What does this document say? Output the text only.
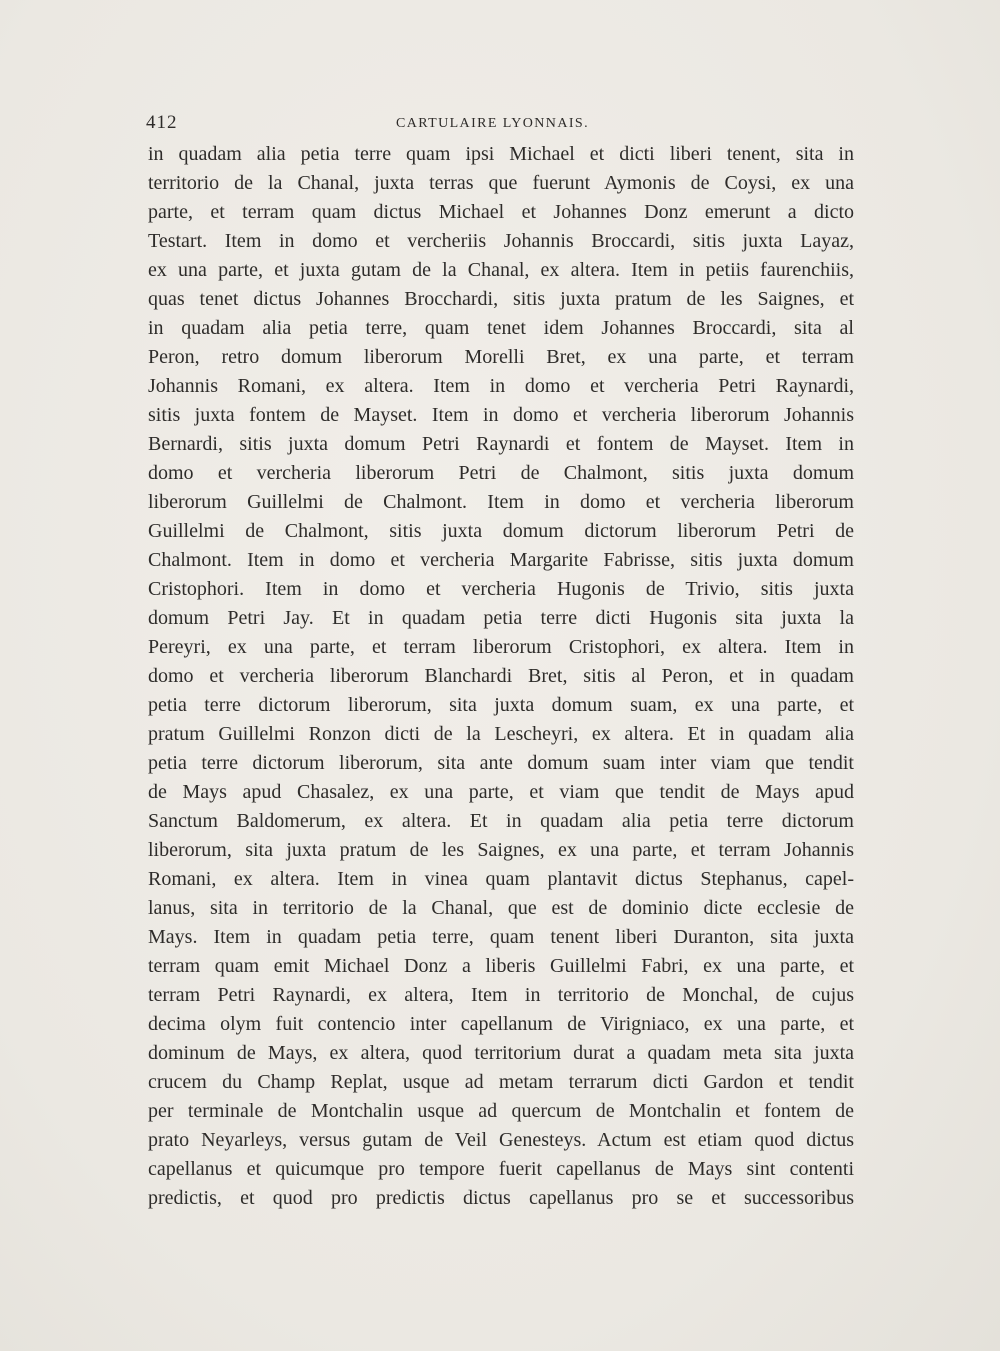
412	CARTULAIRE LYONNAIS.
in quadam alia petia terre quam ipsi Michael et dicti liberi tenent, sita in
territorio de la Chanal, juxta terras que fuerunt Aymonis de Coysi, ex una
parte, et terram quam dictus Michael et Johannes Donz emerunt a dicto
Testart. Item in domo et vercheriis Johannis Broccardi, sitis juxta Layaz,
ex una parte, et juxta gutam de la Chanal, ex altera. Item in petiis faurenchiis,
quas tenet dictus Johannes Brocchardi, sitis juxta pratum de les Saignes, et
in quadam alia petia terre, quam tenet idem Johannes Broccardi, sita al
Peron, retro domum liberorum Morelli Bret, ex una parte, et terram
Johannis Romani, ex altera. Item in domo et vercheria Petri Raynardi,
sitis juxta fontem de Mayset. Item in domo et vercheria liberorum Johannis
Bernardi, sitis juxta domum Petri Raynardi et fontem de Mayset. Item in
domo et vercheria liberorum Petri de Chalmont, sitis juxta domum
liberorum Guillelmi de Chalmont. Item in domo et vercheria liberorum
Guillelmi de Chalmont, sitis juxta domum dictorum liberorum Petri de
Chalmont. Item in domo et vercheria Margarite Fabrisse, sitis juxta domum
Cristophori. Item in domo et vercheria Hugonis de Trivio, sitis juxta
domum Petri Jay. Et in quadam petia terre dicti Hugonis sita juxta la
Pereyri, ex una parte, et terram liberorum Cristophori, ex altera. Item in
domo et vercheria liberorum Blanchardi Bret, sitis al Peron, et in quadam
petia terre dictorum liberorum, sita juxta domum suam, ex una parte, et
pratum Guillelmi Ronzon dicti de la Lescheyri, ex altera. Et in quadam alia
petia terre dictorum liberorum, sita ante domum suam inter viam que tendit
de Mays apud Chasalez, ex una parte, et viam que tendit de Mays apud
Sanctum Baldomerum, ex altera. Et in quadam alia petia terre dictorum
liberorum, sita juxta pratum de les Saignes, ex una parte, et terram Johannis
Romani, ex altera. Item in vinea quam plantavit dictus Stephanus, capel-
lanus, sita in territorio de la Chanal, que est de dominio dicte ecclesie de
Mays. Item in quadam petia terre, quam tenent liberi Duranton, sita juxta
terram quam emit Michael Donz a liberis Guillelmi Fabri, ex una parte, et
terram Petri Raynardi, ex altera, Item in territorio de Monchal, de cujus
decima olym fuit contencio inter capellanum de Virigniaco, ex una parte, et
dominum de Mays, ex altera, quod territorium durat a quadam meta sita juxta
crucem du Champ Replat, usque ad metam terrarum dicti Gardon et tendit
per terminale de Montchalin usque ad quercum de Montchalin et fontem de
prato Neyarleys, versus gutam de Veil Genesteys. Actum est etiam quod dictus
capellanus et quicumque pro tempore fuerit capellanus de Mays sint contenti
predictis, et quod pro predictis dictus capellanus pro se et successoribus
